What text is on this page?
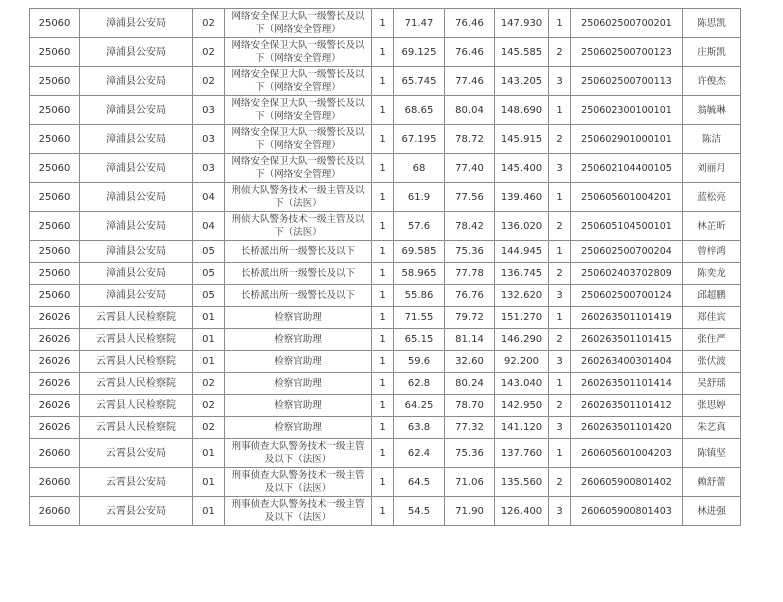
25060	漳浦县公安局	02	网络安全保卫大队一级警长及以下（网络安全管理）	1	71.47	76.46	147.930	1	250602500700201	陈思凯
25060	漳浦县公安局	02	网络安全保卫大队一级警长及以下（网络安全管理）	1	69.125	76.46	145.585	2	250602500700123	庄斯凯
25060	漳浦县公安局	02	网络安全保卫大队一级警长及以下（网络安全管理）	1	65.745	77.46	143.205	3	250602500700113	许俊杰
25060	漳浦县公安局	03	网络安全保卫大队一级警长及以下（网络安全管理）	1	68.65	80.04	148.690	1	250602300100101	翁毓琳
25060	漳浦县公安局	03	网络安全保卫大队一级警长及以下（网络安全管理）	1	67.195	78.72	145.915	2	250602901000101	陈洁
25060	漳浦县公安局	03	网络安全保卫大队一级警长及以下（网络安全管理）	1	68	77.40	145.400	3	250602104400105	刘丽月
25060	漳浦县公安局	04	刑侦大队警务技术一级主管及以下（法医）	1	61.9	77.56	139.460	1	250605601004201	蓝松亮
25060	漳浦县公安局	04	刑侦大队警务技术一级主管及以下（法医）	1	57.6	78.42	136.020	2	250605104500101	林芷昕
25060	漳浦县公安局	05	长桥派出所一级警长及以下	1	69.585	75.36	144.945	1	250602500700204	曾梓鸿
25060	漳浦县公安局	05	长桥派出所一级警长及以下	1	58.965	77.78	136.745	2	250602403702809	陈奕龙
25060	漳浦县公安局	05	长桥派出所一级警长及以下	1	55.86	76.76	132.620	3	250602500700124	邱超鹏
26026	云霄县人民检察院	01	检察官助理	1	71.55	79.72	151.270	1	260263501101419	郑佳宾
26026	云霄县人民检察院	01	检察官助理	1	65.15	81.14	146.290	2	260263501101415	张住严
26026	云霄县人民检察院	01	检察官助理	1	59.6	32.60	92.200	3	260263400301404	张伏波
26026	云霄县人民检察院	02	检察官助理	1	62.8	80.24	143.040	1	260263501101414	吴舒瑶
26026	云霄县人民检察院	02	检察官助理	1	64.25	78.70	142.950	2	260263501101412	张思婷
26026	云霄县人民检察院	02	检察官助理	1	63.8	77.32	141.120	3	260263501101420	朱艺真
26060	云霄县公安局	01	刑事侦查大队警务技术一级主管及以下（法医）	1	62.4	75.36	137.760	1	260605601004203	陈镇坚
26060	云霄县公安局	01	刑事侦查大队警务技术一级主管及以下（法医）	1	64.5	71.06	135.560	2	260605900801402	赖舒蕾
26060	云霄县公安局	01	刑事侦查大队警务技术一级主管及以下（法医）	1	54.5	71.90	126.400	3	260605900801403	林进强
